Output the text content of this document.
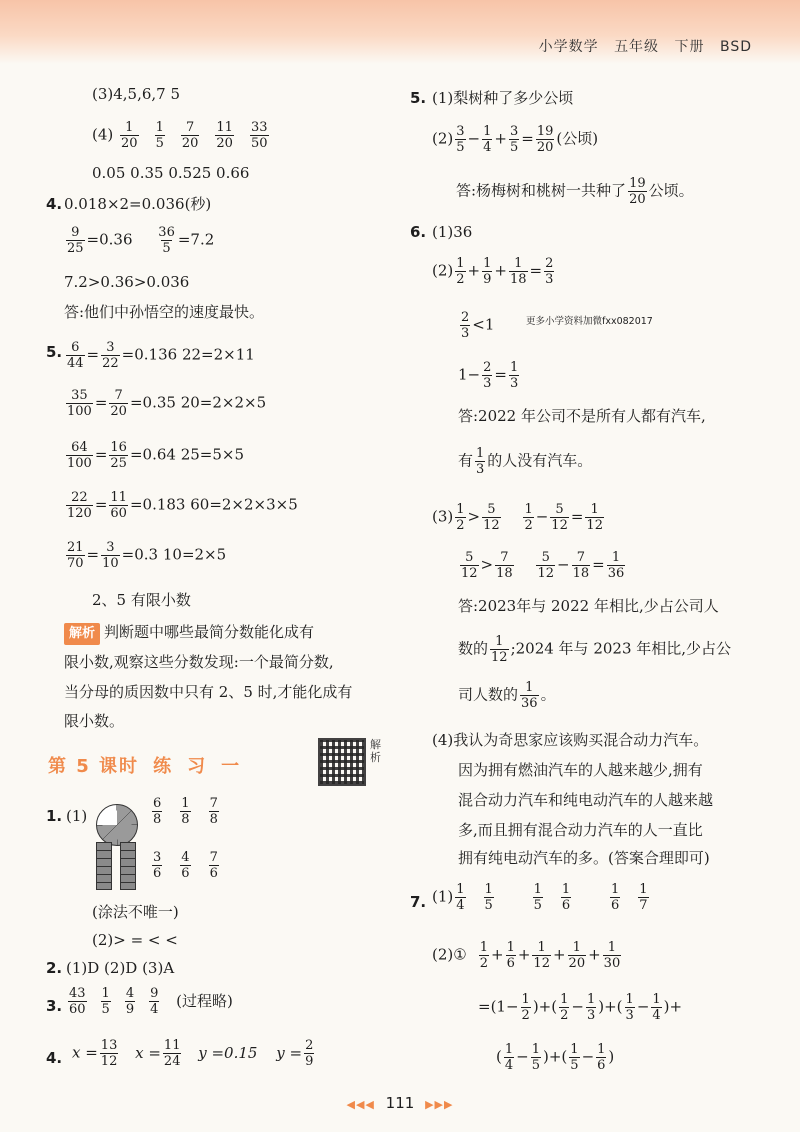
小学数学 五年级 下册 BSD
(3)4,5,6,7 5
$(4) \frac{1}{20} \frac{1}{5} \frac{7}{20} \frac{11}{20} \frac{33}{50}$
0.05 0.35 0.525 0.66
4. 0.018×2=0.036(秒)
$\frac{9}{25} =0.36 \frac{36}{5} =7.2$
7.2>0.36>0.036
答:他们中孙悟空的速度最快。
5. $\frac{6}{44} = \frac{3}{22} =0.136$ 22=2×11
$\frac{35}{100} = \frac{7}{20} =0.35$ 20=2×2×5
$\frac{64}{100} = \frac{16}{25} =0.64$ 25=5×5
$\frac{22}{120} = \frac{11}{60} =0.183$ 60=2×2×3×5
$\frac{21}{70} = \frac{3}{10} =0.3$ 10=2×5
2、5 有限小数
解析 判断题中哪些最简分数能化成有
限小数,观察这些分数发现:一个最简分数,
当分母的质因数中只有 2、5 时,才能化成有
限小数。
第 5 课时 练 习 一
解析
1. (1)	$\frac{6}{8} \frac{1}{8} \frac{7}{8}$
$\frac{3}{6} \frac{4}{6} \frac{7}{6}$
(涂法不唯一)
(2)> = < <
2. (1)D (2)D (3)A
3. $\frac{43}{60} \frac{1}{5} \frac{4}{9} \frac{9}{4}$ (过程略)
4. $x = \frac{13}{12}$ $x = \frac{11}{24}$ y =0.15 $y = \frac{2}{9}$
5. (1)梨树种了多少公顷
$(2) \frac{3}{5} - \frac{1}{4} + \frac{3}{5} = \frac{19}{20}$ (公顷)
答:杨梅树和桃树一共种了 $\frac{19}{20}$ 公顷。
6. (1)36
$(2) \frac{1}{2} + \frac{1}{9} + \frac{1}{18} = \frac{2}{3}$
$\frac{2}{3} <1$	更多小学资料加微fxx082017
$1- \frac{2}{3} = \frac{1}{3}$
答:2022 年公司不是所有人都有汽车,
有 $\frac{1}{3}$ 的人没有汽车。
$(3) \frac{1}{2} > \frac{5}{12}$
$\frac{1}{2} - \frac{5}{12} = \frac{1}{12}$
$\frac{5}{12} > \frac{7}{18}$
$\frac{5}{12} - \frac{7}{18} = \frac{1}{36}$
答:2023年与 2022 年相比,少占公司人
数的 $\frac{1}{12}$ ;2024 年与 2023 年相比,少占公
司人数的 $\frac{1}{36}$ 。
(4)我认为奇思家应该购买混合动力汽车。
因为拥有燃油汽车的人越来越少,拥有
混合动力汽车和纯电动汽车的人越来越
多,而且拥有混合动力汽车的人一直比
拥有纯电动汽车的多。(答案合理即可)
7. $(1) \frac{1}{4} \frac{1}{5}$
	$\frac{1}{5} \frac{1}{6}$
	$\frac{1}{6} \frac{1}{7}$
(2)① $\frac{1}{2} + \frac{1}{6} + \frac{1}{12} + \frac{1}{20} + \frac{1}{30}$
$=(1- \frac{1}{2}$ )+( $\frac{1}{2} - \frac{1}{3}$ )+( $\frac{1}{3} - \frac{1}{4}$ )+
( $\frac{1}{4} - \frac{1}{5}$ )+( $\frac{1}{5} - \frac{1}{6}$ )
◀◀◀ 111 ▶▶▶
